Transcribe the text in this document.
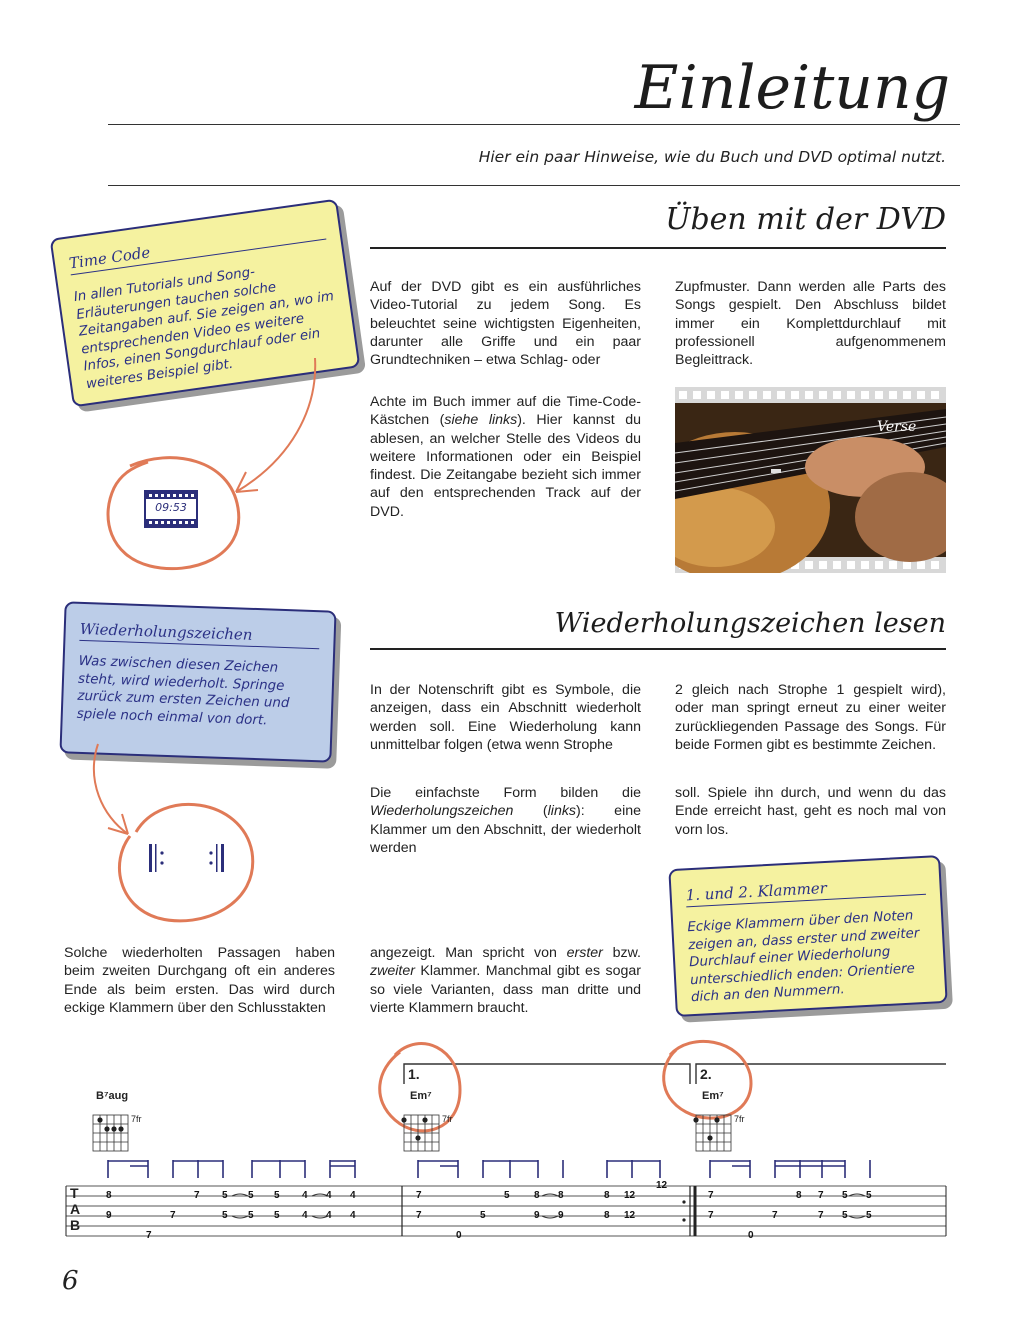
Einleitung
Hier ein paar Hinweise, wie du Buch und DVD optimal nutzt.
Üben mit der DVD
Auf der DVD gibt es ein ausführliches Video-Tutorial zu jedem Song. Es beleuchtet seine wichtigsten Eigenheiten, darunter alle Griffe und ein paar Grundtechniken – etwa Schlag- oder
Zupfmuster. Dann werden alle Parts des Songs gespielt. Den Abschluss bildet immer ein Komplettdurchlauf mit professionell aufgenommenem Begleittrack.
Achte im Buch immer auf die Time-Code-Kästchen (siehe links). Hier kannst du ablesen, an welcher Stelle des Videos du weitere Informationen oder ein Beispiel findest. Die Zeitangabe bezieht sich immer auf den entsprechenden Track auf der DVD.
Verse
Time Code
In allen Tutorials und Song-Erläuterungen tauchen solche Zeitangaben auf. Sie zeigen an, wo im entsprechenden Video es weitere Infos, einen Songdurchlauf oder ein weiteres Beispiel gibt.
09:53
Wiederholungszeichen lesen
Wiederholungszeichen
Was zwischen diesen Zeichen steht, wird wiederholt. Springe zurück zum ersten Zeichen und spiele noch einmal von dort.
In der Notenschrift gibt es Symbole, die anzeigen, dass ein Abschnitt wiederholt werden soll. Eine Wiederholung kann unmittelbar folgen (etwa wenn Strophe
2 gleich nach Strophe 1 gespielt wird), oder man springt erneut zu einer weiter zurückliegenden Passage des Songs. Für beide Formen gibt es bestimmte Zeichen.
Die einfachste Form bilden die Wiederholungszeichen (links): eine Klammer um den Abschnitt, der wiederholt werden
soll. Spiele ihn durch, und wenn du das Ende erreicht hast, geht es noch mal von vorn los.
1. und 2. Klammer
Eckige Klammern über den Noten zeigen an, dass erster und zweiter Durchlauf einer Wiederholung unterschiedlich enden: Orientiere dich an den Nummern.
Solche wiederholten Passagen haben beim zweiten Durchgang oft ein anderes Ende als beim ersten. Das wird durch eckige Klammern über den Schlusstakten
angezeigt. Man spricht von erster bzw. zweiter Klammer. Manchmal gibt es sogar so viele Varianten, dass man dritte und vierte Klammern braucht.
1.	2.
B⁷aug
7fr
Em⁷
7fr
Em⁷
7fr
T
A
B
8
9
7
7
7 5
5
5
5
5
5
4
4
4
4
4
4
7
7
0
5
5 8
9
8
9
8
8
12
12
12
7
7
0
7
8 7
7
5
5
5
5
6
